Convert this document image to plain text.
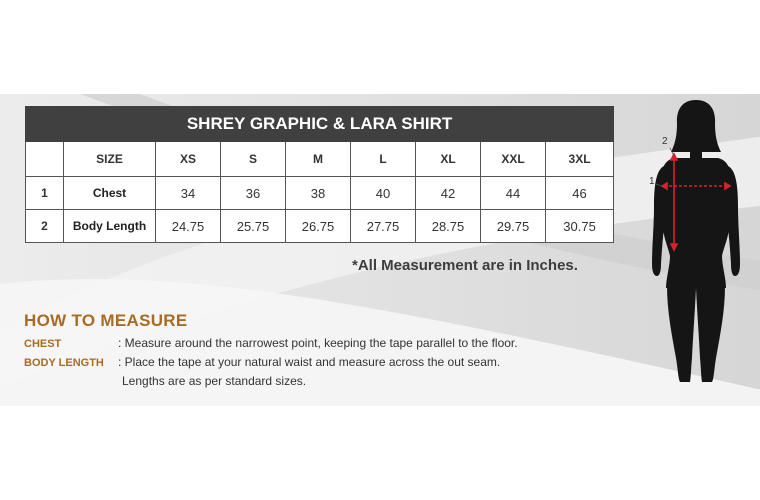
SHREY GRAPHIC & LARA SHIRT								
	SIZE	XS	S	M	L	XL	XXL	3XL
1	Chest	34	36	38	40	42	44	46
2	Body Length	24.75	25.75	26.75	27.75	28.75	29.75	30.75
*All Measurement are in Inches.
HOW TO MEASURE
CHEST	: Measure around the narrowest point, keeping the tape parallel to the floor.
BODY LENGTH : Place the tape at your natural waist and measure across the out seam.
Lengths are as per standard sizes.
2
1
